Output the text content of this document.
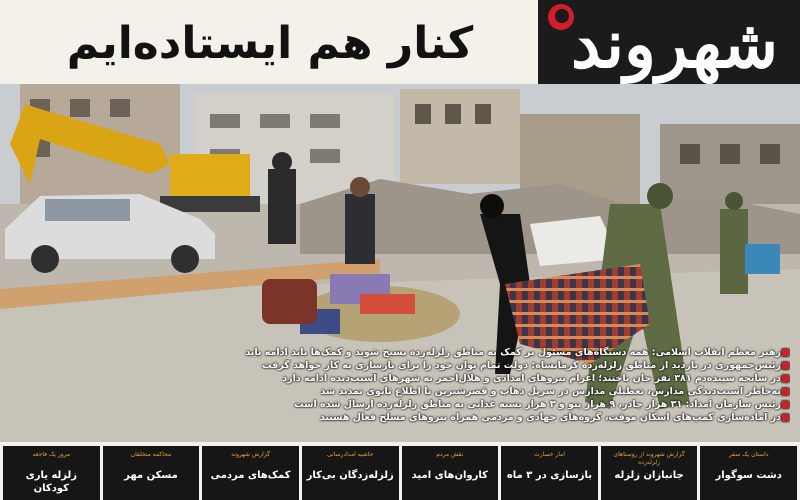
کنار هم ایستاده‌ایم	شهروند
■ رهبر معظم انقلاب اسلامی: همه دستگاه‌های مسئول بر کمک به مناطق زلزله‌زده بسیج شوند و کمک‌ها باید ادامه یابد
■ رئیس‌جمهوری در بازدید از مناطق زلزله‌زده کرمانشاه: دولت تمام توان خود را برای بازسازی به کار خواهد گرفت
■ در سانحه سپیده‌دم ۳۸۱ نفر جان باختند؛ اعزام نیروهای امدادی و هلال‌احمر به شهرهای آسیب‌دیده ادامه دارد
■ به‌خاطر آسیب‌دیدگی مدارس، تعطیلی مدارس در سرپل ذهاب و قصرشیرین تا اطلاع ثانوی تمدید شد
■ رئیس سازمان امداد: ۳۱ هزار چادر، ۹ هزار پتو و ۳ هزار بسته غذایی به مناطق زلزله‌زده ارسال شده است
■ در آماده‌سازی کمپ‌های اسکان موقت، گروه‌های جهادی و مردمی همراه نیروهای مسلح فعال هستند
داستان یک سفر
دشت سوگوار
گزارش شهروند از روستاهای زلزله‌زده
جانبازان زلزله
آمار خسارت
بازسازی در ۳ ماه
نقش مردم
کاروان‌های امید
حاشیه امدادرسانی
زلزله‌زدگان بی‌کار
گزارش شهروند
کمک‌های مردمی
محاکمه متخلفان
مسکن مهر
مرور یک فاجعه
زلزله یاری کودکان
